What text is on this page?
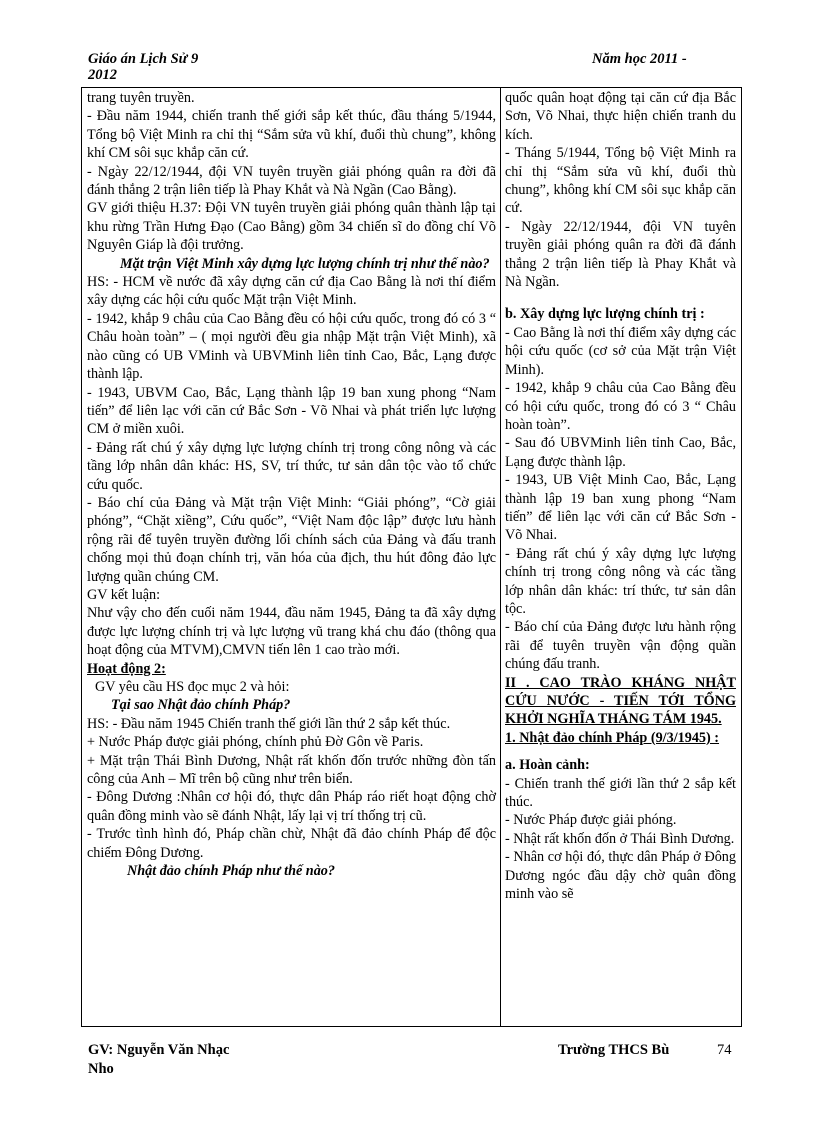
Giáo án Lịch Sử 9
2012
Năm học 2011 -

trang tuyên truyền.

- Đầu năm 1944, chiến tranh thế giới sắp kết thúc, đầu tháng 5/1944, Tổng bộ Việt Minh ra chỉ thị “Sắm sửa vũ khí, đuổi thù chung”, không khí CM sôi sục khắp căn cứ.

- Ngày 22/12/1944, đội VN tuyên truyền giải phóng quân ra đời đã đánh thắng 2 trận liên tiếp là Phay Khắt và Nà Ngần (Cao Bằng).

GV giới thiệu H.37: Đội VN tuyên truyền giải phóng quân thành lập tại khu rừng Trần Hưng Đạo (Cao Bằng) gồm 34 chiến sĩ do đồng chí Võ Nguyên Giáp là đội trưởng.

Mặt trận Việt Minh xây dựng lực lượng chính trị như thế nào?

HS: - HCM về nước đã xây dựng căn cứ địa Cao Bằng là nơi thí điểm xây dựng các hội cứu quốc Mặt trận Việt Minh.

- 1942, khắp 9 châu của Cao Bằng đều có hội cứu quốc, trong đó có 3 “ Châu hoàn toàn” – ( mọi người đều gia nhập Mặt trận Việt Minh), xã nào cũng có UB VMinh và UBVMinh liên tỉnh Cao, Bắc, Lạng được thành lập.

- 1943, UBVM Cao, Bắc, Lạng thành lập 19 ban xung phong “Nam tiến” để liên lạc với căn cứ Bắc Sơn - Võ Nhai và phát triển lực lượng CM ở miền xuôi.

- Đảng rất chú ý xây dựng lực lượng chính trị trong công nông và các tầng lớp nhân dân khác: HS, SV, trí thức, tư sản dân tộc vào tổ chức cứu quốc.

- Báo chí của Đảng và Mặt trận Việt Minh: “Giải phóng”, “Cờ giải phóng”, “Chặt xiềng”, Cứu quốc”, “Việt Nam độc lập” được lưu hành rộng rãi để tuyên truyền đường lối chính sách của Đảng và đấu tranh chống mọi thủ đoạn chính trị, văn hóa của địch, thu hút đông đảo lực lượng quần chúng CM.

GV kết luận:

Như vậy cho đến cuối năm 1944, đầu năm 1945, Đảng ta đã xây dựng được lực lượng chính trị và lực lượng vũ trang khá chu đáo (thông qua hoạt động của MTVM),CMVN tiến lên 1 cao trào mới.

Hoạt động 2:

GV yêu cầu HS đọc mục 2 và hỏi:

Tại sao Nhật đảo chính Pháp?

HS: - Đầu năm 1945 Chiến tranh thế giới lần thứ 2 sắp kết thúc.

+ Nước Pháp được giải phóng, chính phủ Đờ Gôn về Paris.

+ Mặt trận Thái Bình Dương, Nhật rất khốn đốn trước những đòn tấn công của Anh – Mĩ trên bộ cũng như trên biển.

- Đông Dương :Nhân cơ hội đó, thực dân Pháp ráo riết hoạt động chờ quân đồng minh vào sẽ đánh Nhật, lấy lại vị trí thống trị cũ.

- Trước tình hình đó, Pháp chần chừ, Nhật đã đảo chính Pháp để độc chiếm Đông Dương.

Nhật đảo chính Pháp như thế nào?

quốc quân hoạt động tại căn cứ địa Bắc Sơn, Võ Nhai, thực hiện chiến tranh du kích.

- Tháng 5/1944, Tổng bộ Việt Minh ra chỉ thị “Sắm sửa vũ khí, đuổi thù chung”, không khí CM sôi sục khắp căn cứ.

- Ngày 22/12/1944, đội VN tuyên truyền giải phóng quân ra đời đã đánh thắng 2 trận liên tiếp là Phay Khắt và Nà Ngần.

b. Xây dựng lực lượng chính trị :

- Cao Bằng là nơi thí điểm xây dựng các hội cứu quốc (cơ sở của Mặt trận Việt Minh).

- 1942, khắp 9 châu của Cao Bằng đều có hội cứu quốc, trong đó có 3 “ Châu hoàn toàn”.

- Sau đó UBVMinh liên tỉnh Cao, Bắc, Lạng được thành lập.

- 1943, UB Việt Minh Cao, Bắc, Lạng thành lập 19 ban xung phong “Nam tiến” để liên lạc với căn cứ Bắc Sơn - Võ Nhai.

- Đảng rất chú ý xây dựng lực lượng chính trị trong công nông và các tầng lớp nhân dân khác: trí thức, tư sản dân tộc.

- Báo chí của Đảng được lưu hành rộng rãi để tuyên truyền vận động quần chúng đấu tranh.

II . CAO TRÀO KHÁNG NHẬT CỨU NƯỚC - TIẾN TỚI TỔNG KHỞI NGHĨA THÁNG TÁM 1945.

1. Nhật đảo chính Pháp (9/3/1945) :

a. Hoàn cảnh:

- Chiến tranh thế giới lần thứ 2 sắp kết thúc.

- Nước Pháp được giải phóng.

- Nhật rất khốn đốn ở Thái Bình Dương.

- Nhân cơ hội đó, thực dân Pháp ở Đông Dương ngóc đầu dậy chờ quân đồng minh vào sẽ

GV: Nguyễn Văn Nhạc
Nho
Trường THCS Bù	74
